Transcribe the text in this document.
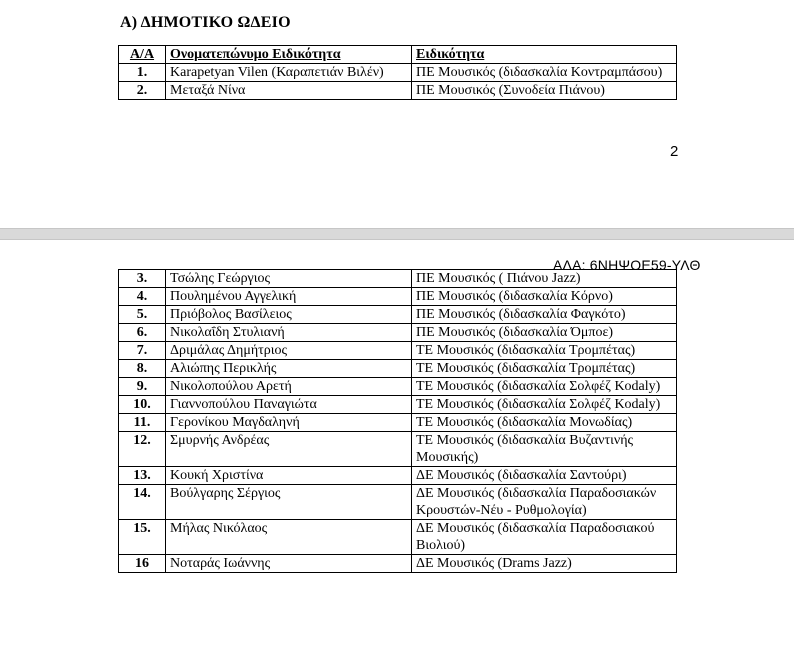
Α) ΔΗΜΟΤΙΚΟ ΩΔΕΙΟ
Α/Α	Ονοματεπώνυμο Ειδικότητα	Ειδικότητα
1.	Karapetyan Vilen (Καραπετιάν Βιλέν)	ΠΕ Μουσικός (διδασκαλία Κοντραμπάσου)
2.	Μεταξά Νίνα	ΠΕ Μουσικός (Συνοδεία Πιάνου)
2
ΑΔΑ: 6ΝΗΨΟΕ59-ΥΛΘ
3.	Τσώλης Γεώργιος	ΠΕ Μουσικός ( Πιάνου Jazz)
4.	Πουλημένου Αγγελική	ΠΕ Μουσικός (διδασκαλία Κόρνο)
5.	Πριόβολος Βασίλειος	ΠΕ Μουσικός (διδασκαλία Φαγκότο)
6.	Νικολαΐδη Στυλιανή	ΠΕ Μουσικός (διδασκαλία Όμποε)
7.	Δριμάλας Δημήτριος	ΤΕ Μουσικός (διδασκαλία Τρομπέτας)
8.	Αλιώπης Περικλής	ΤΕ Μουσικός (διδασκαλία Τρομπέτας)
9.	Νικολοπούλου Αρετή	ΤΕ Μουσικός (διδασκαλία Σολφέζ Kodaly)
10.	Γιαννοπούλου Παναγιώτα	ΤΕ Μουσικός (διδασκαλία Σολφέζ Kodaly)
11.	Γερονίκου Μαγδαληνή	ΤΕ Μουσικός (διδασκαλία Μονωδίας)
12.	Σμυρνής Ανδρέας	ΤΕ Μουσικός (διδασκαλία Βυζαντινής Μουσικής)
13.	Κουκή Χριστίνα	ΔΕ Μουσικός (διδασκαλία Σαντούρι)
14.	Βούλγαρης Σέργιος	ΔΕ Μουσικός (διδασκαλία Παραδοσιακών Κρουστών-Νέυ - Ρυθμολογία)
15.	Μήλας Νικόλαος	ΔΕ Μουσικός (διδασκαλία Παραδοσιακού Βιολιού)
16	Νοταράς Ιωάννης	ΔΕ Μουσικός (Drams Jazz)
